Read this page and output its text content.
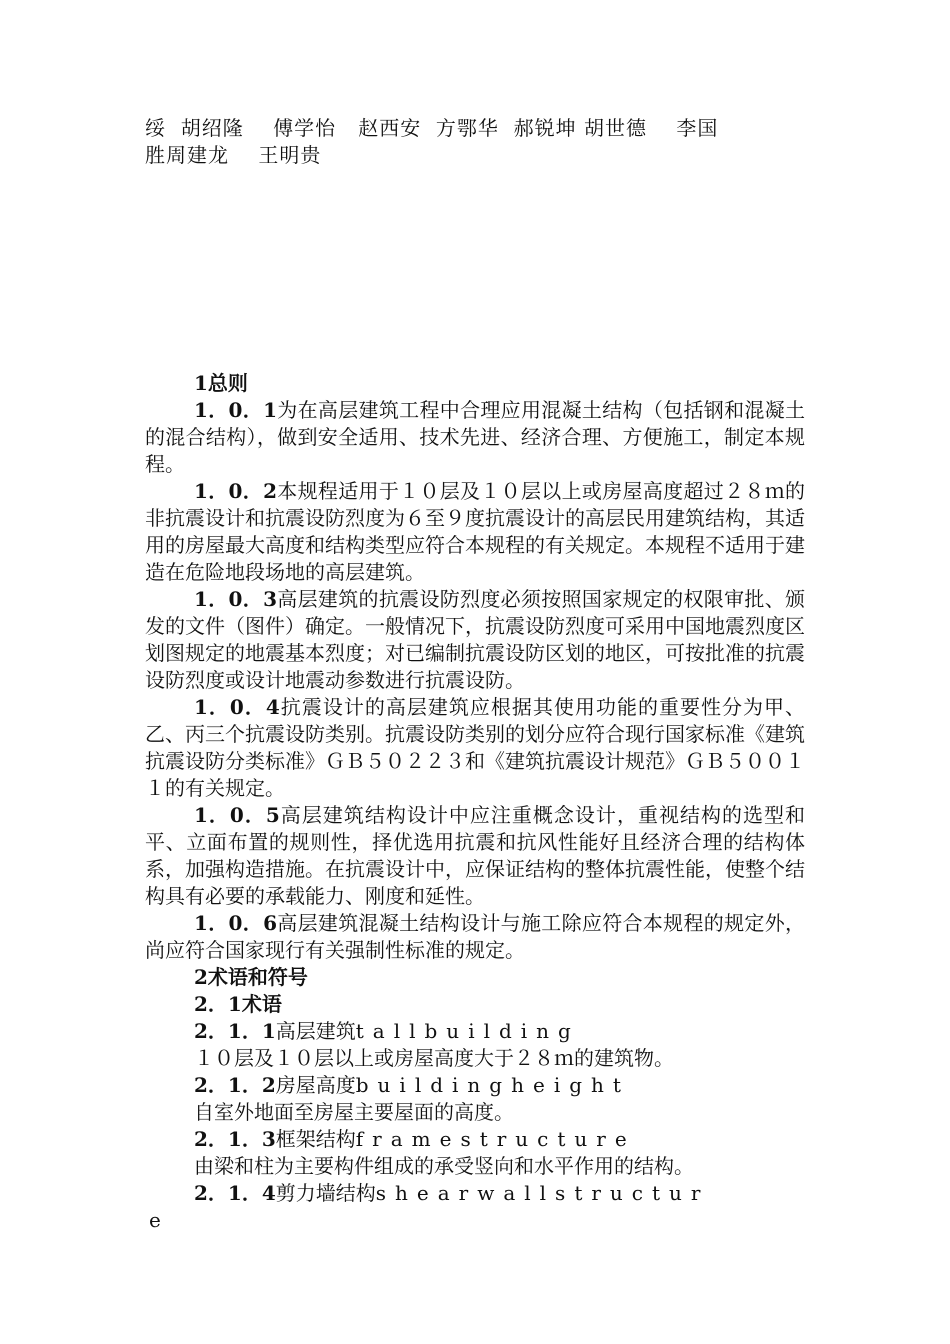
绥  胡绍隆    傅学怡   赵西安  方鄂华  郝锐坤 胡世德    李国
胜周建龙    王明贵

1总则

1．0．1为在高层建筑工程中合理应用混凝土结构（包括钢和混凝土的混合结构），做到安全适用、技术先进、经济合理、方便施工，制定本规程。

1．0．2本规程适用于１０层及１０层以上或房屋高度超过２８ｍ的非抗震设计和抗震设防烈度为６至９度抗震设计的高层民用建筑结构，其适用的房屋最大高度和结构类型应符合本规程的有关规定。本规程不适用于建造在危险地段场地的高层建筑。

1．0．3高层建筑的抗震设防烈度必须按照国家规定的权限审批、颁发的文件（图件）确定。一般情况下，抗震设防烈度可采用中国地震烈度区划图规定的地震基本烈度；对已编制抗震设防区划的地区，可按批准的抗震设防烈度或设计地震动参数进行抗震设防。

1．0．4抗震设计的高层建筑应根据其使用功能的重要性分为甲、乙、丙三个抗震设防类别。抗震设防类别的划分应符合现行国家标准《建筑抗震设防分类标准》ＧＢ５０２２３和《建筑抗震设计规范》ＧＢ５００１１的有关规定。

1．0．5高层建筑结构设计中应注重概念设计，重视结构的选型和平、立面布置的规则性，择优选用抗震和抗风性能好且经济合理的结构体系，加强构造措施。在抗震设计中，应保证结构的整体抗震性能，使整个结构具有必要的承载能力、刚度和延性。

1．0．6高层建筑混凝土结构设计与施工除应符合本规程的规定外，尚应符合国家现行有关强制性标准的规定。

2术语和符号

2．1术语

2．1．1高层建筑tallbuilding

１０层及１０层以上或房屋高度大于２８ｍ的建筑物。

2．1．2房屋高度buildingheight

自室外地面至房屋主要屋面的高度。

2．1．3框架结构framestructure

由梁和柱为主要构件组成的承受竖向和水平作用的结构。

2．1．4剪力墙结构shearwallstructur

e
